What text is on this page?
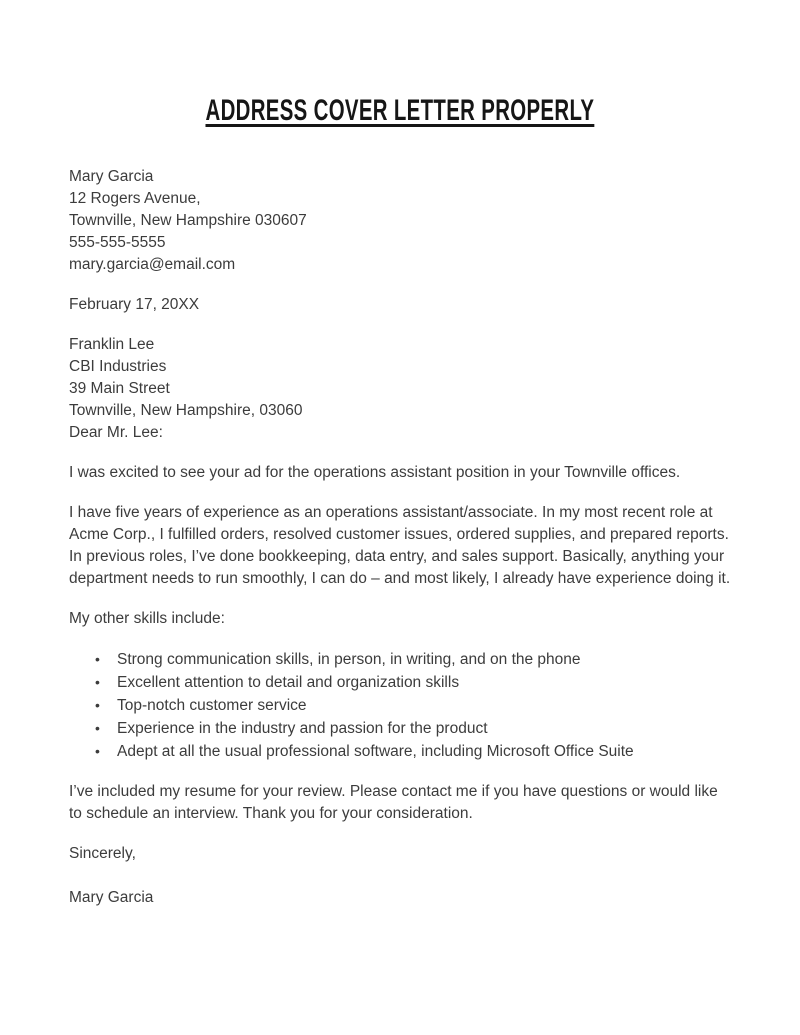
ADDRESS COVER LETTER PROPERLY

Mary Garcia

12 Rogers Avenue,

Townville, New Hampshire 030607

555-555-5555

mary.garcia@email.com

February 17, 20XX

Franklin Lee

CBI Industries

39 Main Street

Townville, New Hampshire, 03060

Dear Mr. Lee:

I was excited to see your ad for the operations assistant position in your Townville offices.

I have five years of experience as an operations assistant/associate. In my most recent role at Acme Corp., I fulfilled orders, resolved customer issues, ordered supplies, and prepared reports. In previous roles, I’ve done bookkeeping, data entry, and sales support. Basically, anything your department needs to run smoothly, I can do – and most likely, I already have experience doing it.

My other skills include:

•	Strong communication skills, in person, in writing, and on the phone
•	Excellent attention to detail and organization skills
•	Top-notch customer service
•	Experience in the industry and passion for the product
•	Adept at all the usual professional software, including Microsoft Office Suite

I’ve included my resume for your review. Please contact me if you have questions or would like to schedule an interview. Thank you for your consideration.

Sincerely,

Mary Garcia
